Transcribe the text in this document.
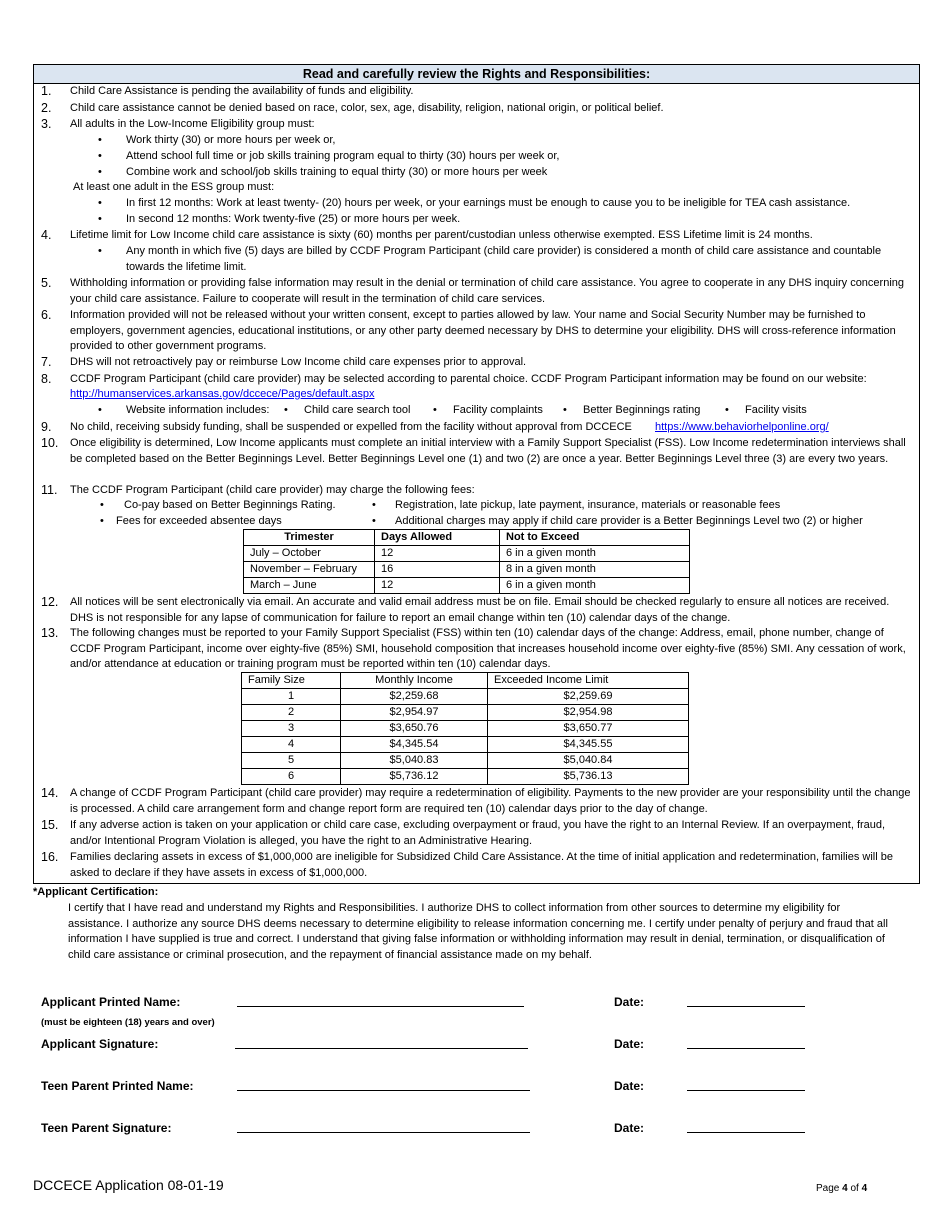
Read and carefully review the Rights and Responsibilities:
1. Child Care Assistance is pending the availability of funds and eligibility.
2. Child care assistance cannot be denied based on race, color, sex, age, disability, religion, national origin, or political belief.
3. All adults in the Low-Income Eligibility group must:
• Work thirty (30) or more hours per week or,
• Attend school full time or job skills training program equal to thirty (30) hours per week or,
• Combine work and school/job skills training to equal thirty (30) or more hours per week
At least one adult in the ESS group must:
• In first 12 months: Work at least twenty- (20) hours per week, or your earnings must be enough to cause you to be ineligible for TEA cash assistance.
• In second 12 months: Work twenty-five (25) or more hours per week.
4. Lifetime limit for Low Income child care assistance is sixty (60) months per parent/custodian unless otherwise exempted. ESS Lifetime limit is 24 months.
• Any month in which five (5) days are billed by CCDF Program Participant (child care provider) is considered a month of child care assistance and countable towards the lifetime limit.
5. Withholding information or providing false information may result in the denial or termination of child care assistance. You agree to cooperate in any DHS inquiry concerning your child care assistance. Failure to cooperate will result in the termination of child care services.
6. Information provided will not be released without your written consent, except to parties allowed by law. Your name and Social Security Number may be furnished to employers, government agencies, educational institutions, or any other party deemed necessary by DHS to determine your eligibility. DHS will cross-reference information provided to other government programs.
7. DHS will not retroactively pay or reimburse Low Income child care expenses prior to approval.
8. CCDF Program Participant (child care provider) may be selected according to parental choice. CCDF Program Participant information may be found on our website:
http://humanservices.arkansas.gov/dccece/Pages/default.aspx
• Website information includes: • Child care search tool • Facility complaints • Better Beginnings rating • Facility visits
9. No child, receiving subsidy funding, shall be suspended or expelled from the facility without approval from DCCECE https://www.behaviorhelponline.org/
10. Once eligibility is determined, Low Income applicants must complete an initial interview with a Family Support Specialist (FSS). Low Income redetermination interviews shall be completed based on the Better Beginnings Level. Better Beginnings Level one (1) and two (2) are once a year. Better Beginnings Level three (3) are every two years.
11. The CCDF Program Participant (child care provider) may charge the following fees:
• Co-pay based on Better Beginnings Rating.	• Registration, late pickup, late payment, insurance, materials or reasonable fees
• Fees for exceeded absentee days	• Additional charges may apply if child care provider is a Better Beginnings Level two (2) or higher
Trimester	Days Allowed	Not to Exceed
July – October	12	6 in a given month
November – February	16	8 in a given month
March – June	12	6 in a given month
12. All notices will be sent electronically via email. An accurate and valid email address must be on file. Email should be checked regularly to ensure all notices are received. DHS is not responsible for any lapse of communication for failure to report an email change within ten (10) calendar days of the change.
13. The following changes must be reported to your Family Support Specialist (FSS) within ten (10) calendar days of the change: Address, email, phone number, change of CCDF Program Participant, income over eighty-five (85%) SMI, household composition that increases household income over eighty-five (85%) SMI. Any cessation of work, and/or attendance at education or training program must be reported within ten (10) calendar days.
Family Size	Monthly Income	Exceeded Income Limit
1	$2,259.68	$2,259.69
2	$2,954.97	$2,954.98
3	$3,650.76	$3,650.77
4	$4,345.54	$4,345.55
5	$5,040.83	$5,040.84
6	$5,736.12	$5,736.13
14. A change of CCDF Program Participant (child care provider) may require a redetermination of eligibility. Payments to the new provider are your responsibility until the change is processed. A child care arrangement form and change report form are required ten (10) calendar days prior to the day of change.
15. If any adverse action is taken on your application or child care case, excluding overpayment or fraud, you have the right to an Internal Review. If an overpayment, fraud, and/or Intentional Program Violation is alleged, you have the right to an Administrative Hearing.
16. Families declaring assets in excess of $1,000,000 are ineligible for Subsidized Child Care Assistance. At the time of initial application and redetermination, families will be asked to declare if they have assets in excess of $1,000,000.
*Applicant Certification:
I certify that I have read and understand my Rights and Responsibilities. I authorize DHS to collect information from other sources to determine my eligibility for assistance. I authorize any source DHS deems necessary to determine eligibility to release information concerning me. I certify under penalty of perjury and fraud that all information I have supplied is true and correct. I understand that giving false information or withholding information may result in denial, termination, or disqualification of child care assistance or criminal prosecution, and the repayment of financial assistance made on my behalf.
Applicant Printed Name:	Date:
(must be eighteen (18) years and over)
Applicant Signature:	Date:
Teen Parent Printed Name:	Date:
Teen Parent Signature:	Date:
DCCECE Application 08-01-19	Page 4 of 4
